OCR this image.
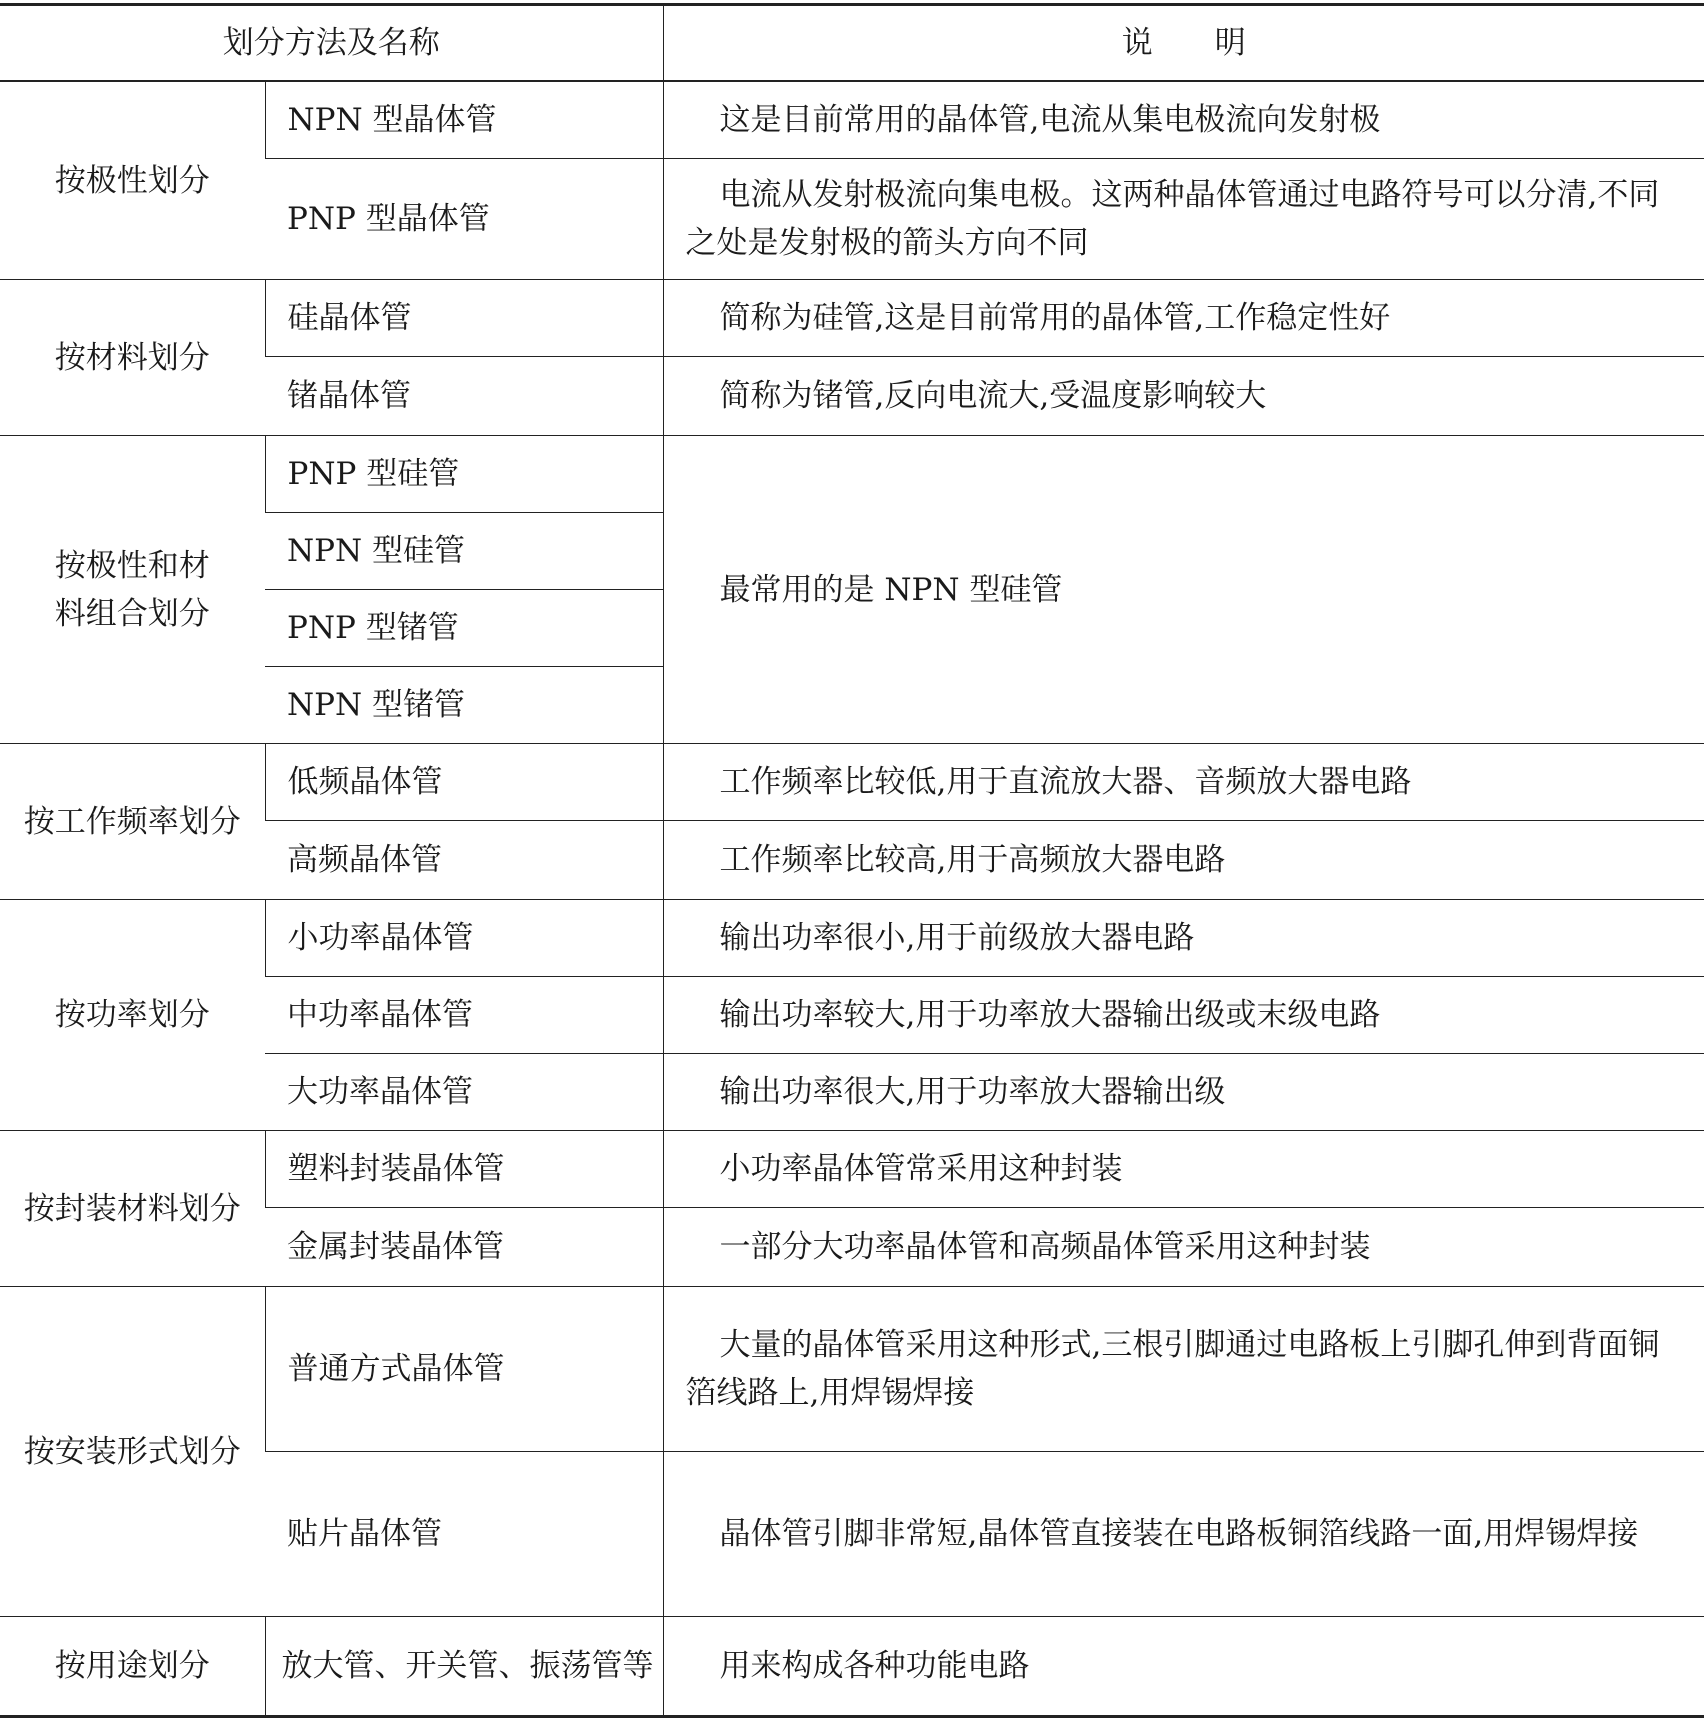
划分方法及名称		说　　明
按极性划分	NPN 型晶体管	这是目前常用的晶体管,电流从集电极流向发射极
	PNP 型晶体管	电流从发射极流向集电极。这两种晶体管通过电路符号可以分清,不同之处是发射极的箭头方向不同
按材料划分	硅晶体管	简称为硅管,这是目前常用的晶体管,工作稳定性好
	锗晶体管	简称为锗管,反向电流大,受温度影响较大
按极性和材料组合划分	PNP 型硅管	最常用的是 NPN 型硅管
	NPN 型硅管	
	PNP 型锗管	
	NPN 型锗管	
按工作频率划分	低频晶体管	工作频率比较低,用于直流放大器、音频放大器电路
	高频晶体管	工作频率比较高,用于高频放大器电路
按功率划分	小功率晶体管	输出功率很小,用于前级放大器电路
	中功率晶体管	输出功率较大,用于功率放大器输出级或末级电路
	大功率晶体管	输出功率很大,用于功率放大器输出级
按封装材料划分	塑料封装晶体管	小功率晶体管常采用这种封装
	金属封装晶体管	一部分大功率晶体管和高频晶体管采用这种封装
按安装形式划分	普通方式晶体管	大量的晶体管采用这种形式,三根引脚通过电路板上引脚孔伸到背面铜箔线路上,用焊锡焊接
	贴片晶体管	晶体管引脚非常短,晶体管直接装在电路板铜箔线路一面,用焊锡焊接
按用途划分	放大管、开关管、振荡管等	用来构成各种功能电路
